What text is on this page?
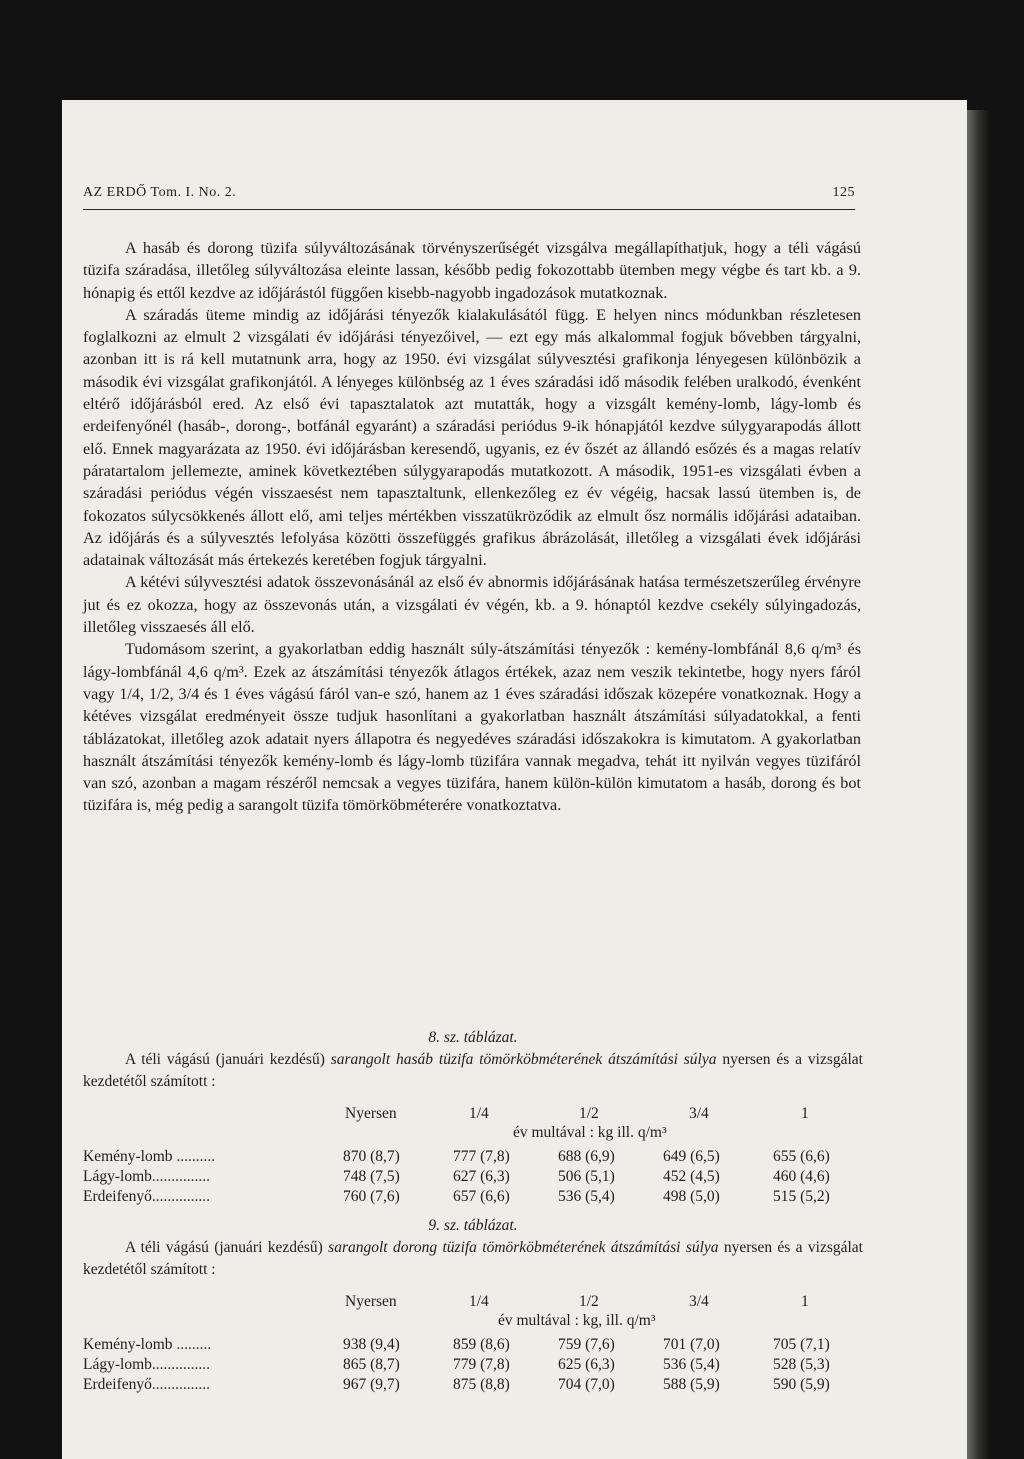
AZ ERDŐ Tom. I. No. 2.	125

A hasáb és dorong tüzifa súlyváltozásának törvényszerűségét vizsgálva megállapíthatjuk, hogy a téli vágású tüzifa száradása, illetőleg súlyváltozása eleinte lassan, később pedig fokozottabb ütemben megy végbe és tart kb. a 9. hónapig és ettől kezdve az időjárástól függően kisebb-nagyobb ingadozások mutatkoznak.

A száradás üteme mindig az időjárási tényezők kialakulásától függ. E helyen nincs módunkban részletesen foglalkozni az elmult 2 vizsgálati év időjárási tényezőivel, — ezt egy más alkalommal fogjuk bővebben tárgyalni, azonban itt is rá kell mutatnunk arra, hogy az 1950. évi vizsgálat súlyvesztési grafikonja lényegesen különbözik a második évi vizsgálat grafikonjától. A lényeges különbség az 1 éves száradási idő második felében uralkodó, évenként eltérő időjárásból ered. Az első évi tapasztalatok azt mutatták, hogy a vizsgált kemény-lomb, lágy-lomb és erdeifenyőnél (hasáb-, dorong-, botfánál egyaránt) a száradási periódus 9-ik hónapjától kezdve súlygyarapodás állott elő. Ennek magyarázata az 1950. évi időjárásban keresendő, ugyanis, ez év őszét az állandó esőzés és a magas relatív páratartalom jellemezte, aminek következtében súlygyarapodás mutatkozott. A második, 1951-es vizsgálati évben a száradási periódus végén visszaesést nem tapasztaltunk, ellenkezőleg ez év végéig, hacsak lassú ütemben is, de fokozatos súlycsökkenés állott elő, ami teljes mértékben visszatükröződik az elmult ősz normális időjárási adataiban. Az időjárás és a súlyvesztés lefolyása közötti összefüggés grafikus ábrázolását, illetőleg a vizsgálati évek időjárási adatainak változását más értekezés keretében fogjuk tárgyalni.

A kétévi súlyvesztési adatok összevonásánál az első év abnormis időjárásának hatása természetszerűleg érvényre jut és ez okozza, hogy az összevonás után, a vizsgálati év végén, kb. a 9. hónaptól kezdve csekély súlyingadozás, illetőleg visszaesés áll elő.

Tudomásom szerint, a gyakorlatban eddig használt súly-átszámítási tényezők : kemény-lombfánál 8,6 q/m³ és lágy-lombfánál 4,6 q/m³. Ezek az átszámítási tényezők átlagos értékek, azaz nem veszik tekintetbe, hogy nyers fáról vagy 1/4, 1/2, 3/4 és 1 éves vágású fáról van-e szó, hanem az 1 éves száradási időszak közepére vonatkoznak. Hogy a kétéves vizsgálat eredményeit össze tudjuk hasonlítani a gyakorlatban használt átszámítási súlyadatokkal, a fenti táblázatokat, illetőleg azok adatait nyers állapotra és negyedéves száradási időszakokra is kimutatom. A gyakorlatban használt átszámítási tényezők kemény-lomb és lágy-lomb tüzifára vannak megadva, tehát itt nyilván vegyes tüzifáról van szó, azonban a magam részéről nemcsak a vegyes tüzifára, hanem külön-külön kimutatom a hasáb, dorong és bot tüzifára is, még pedig a sarangolt tüzifa tömörköbméterére vonatkoztatva.

8. sz. táblázat.
A téli vágású (januári kezdésű) sarangolt hasáb tüzifa tömörköbméterének átszámítási súlya nyersen és a vizsgálat kezdetétől számított :
Nyersen	1/4	1/2	3/4	1
év multával : kg ill. q/m³
Kemény-lomb ..........	870 (8,7)	777 (7,8)	688 (6,9)	649 (6,5)	655 (6,6)
Lágy-lomb...............	748 (7,5)	627 (6,3)	506 (5,1)	452 (4,5)	460 (4,6)
Erdeifenyő...............	760 (7,6)	657 (6,6)	536 (5,4)	498 (5,0)	515 (5,2)
9. sz. táblázat.
A téli vágású (januári kezdésű) sarangolt dorong tüzifa tömörköbméterének átszámítási súlya nyersen és a vizsgálat kezdetétől számított :
Nyersen	1/4	1/2	3/4	1
év multával : kg, ill. q/m³
Kemény-lomb .........	938 (9,4)	859 (8,6)	759 (7,6)	701 (7,0)	705 (7,1)
Lágy-lomb...............	865 (8,7)	779 (7,8)	625 (6,3)	536 (5,4)	528 (5,3)
Erdeifenyő...............	967 (9,7)	875 (8,8)	704 (7,0)	588 (5,9)	590 (5,9)
